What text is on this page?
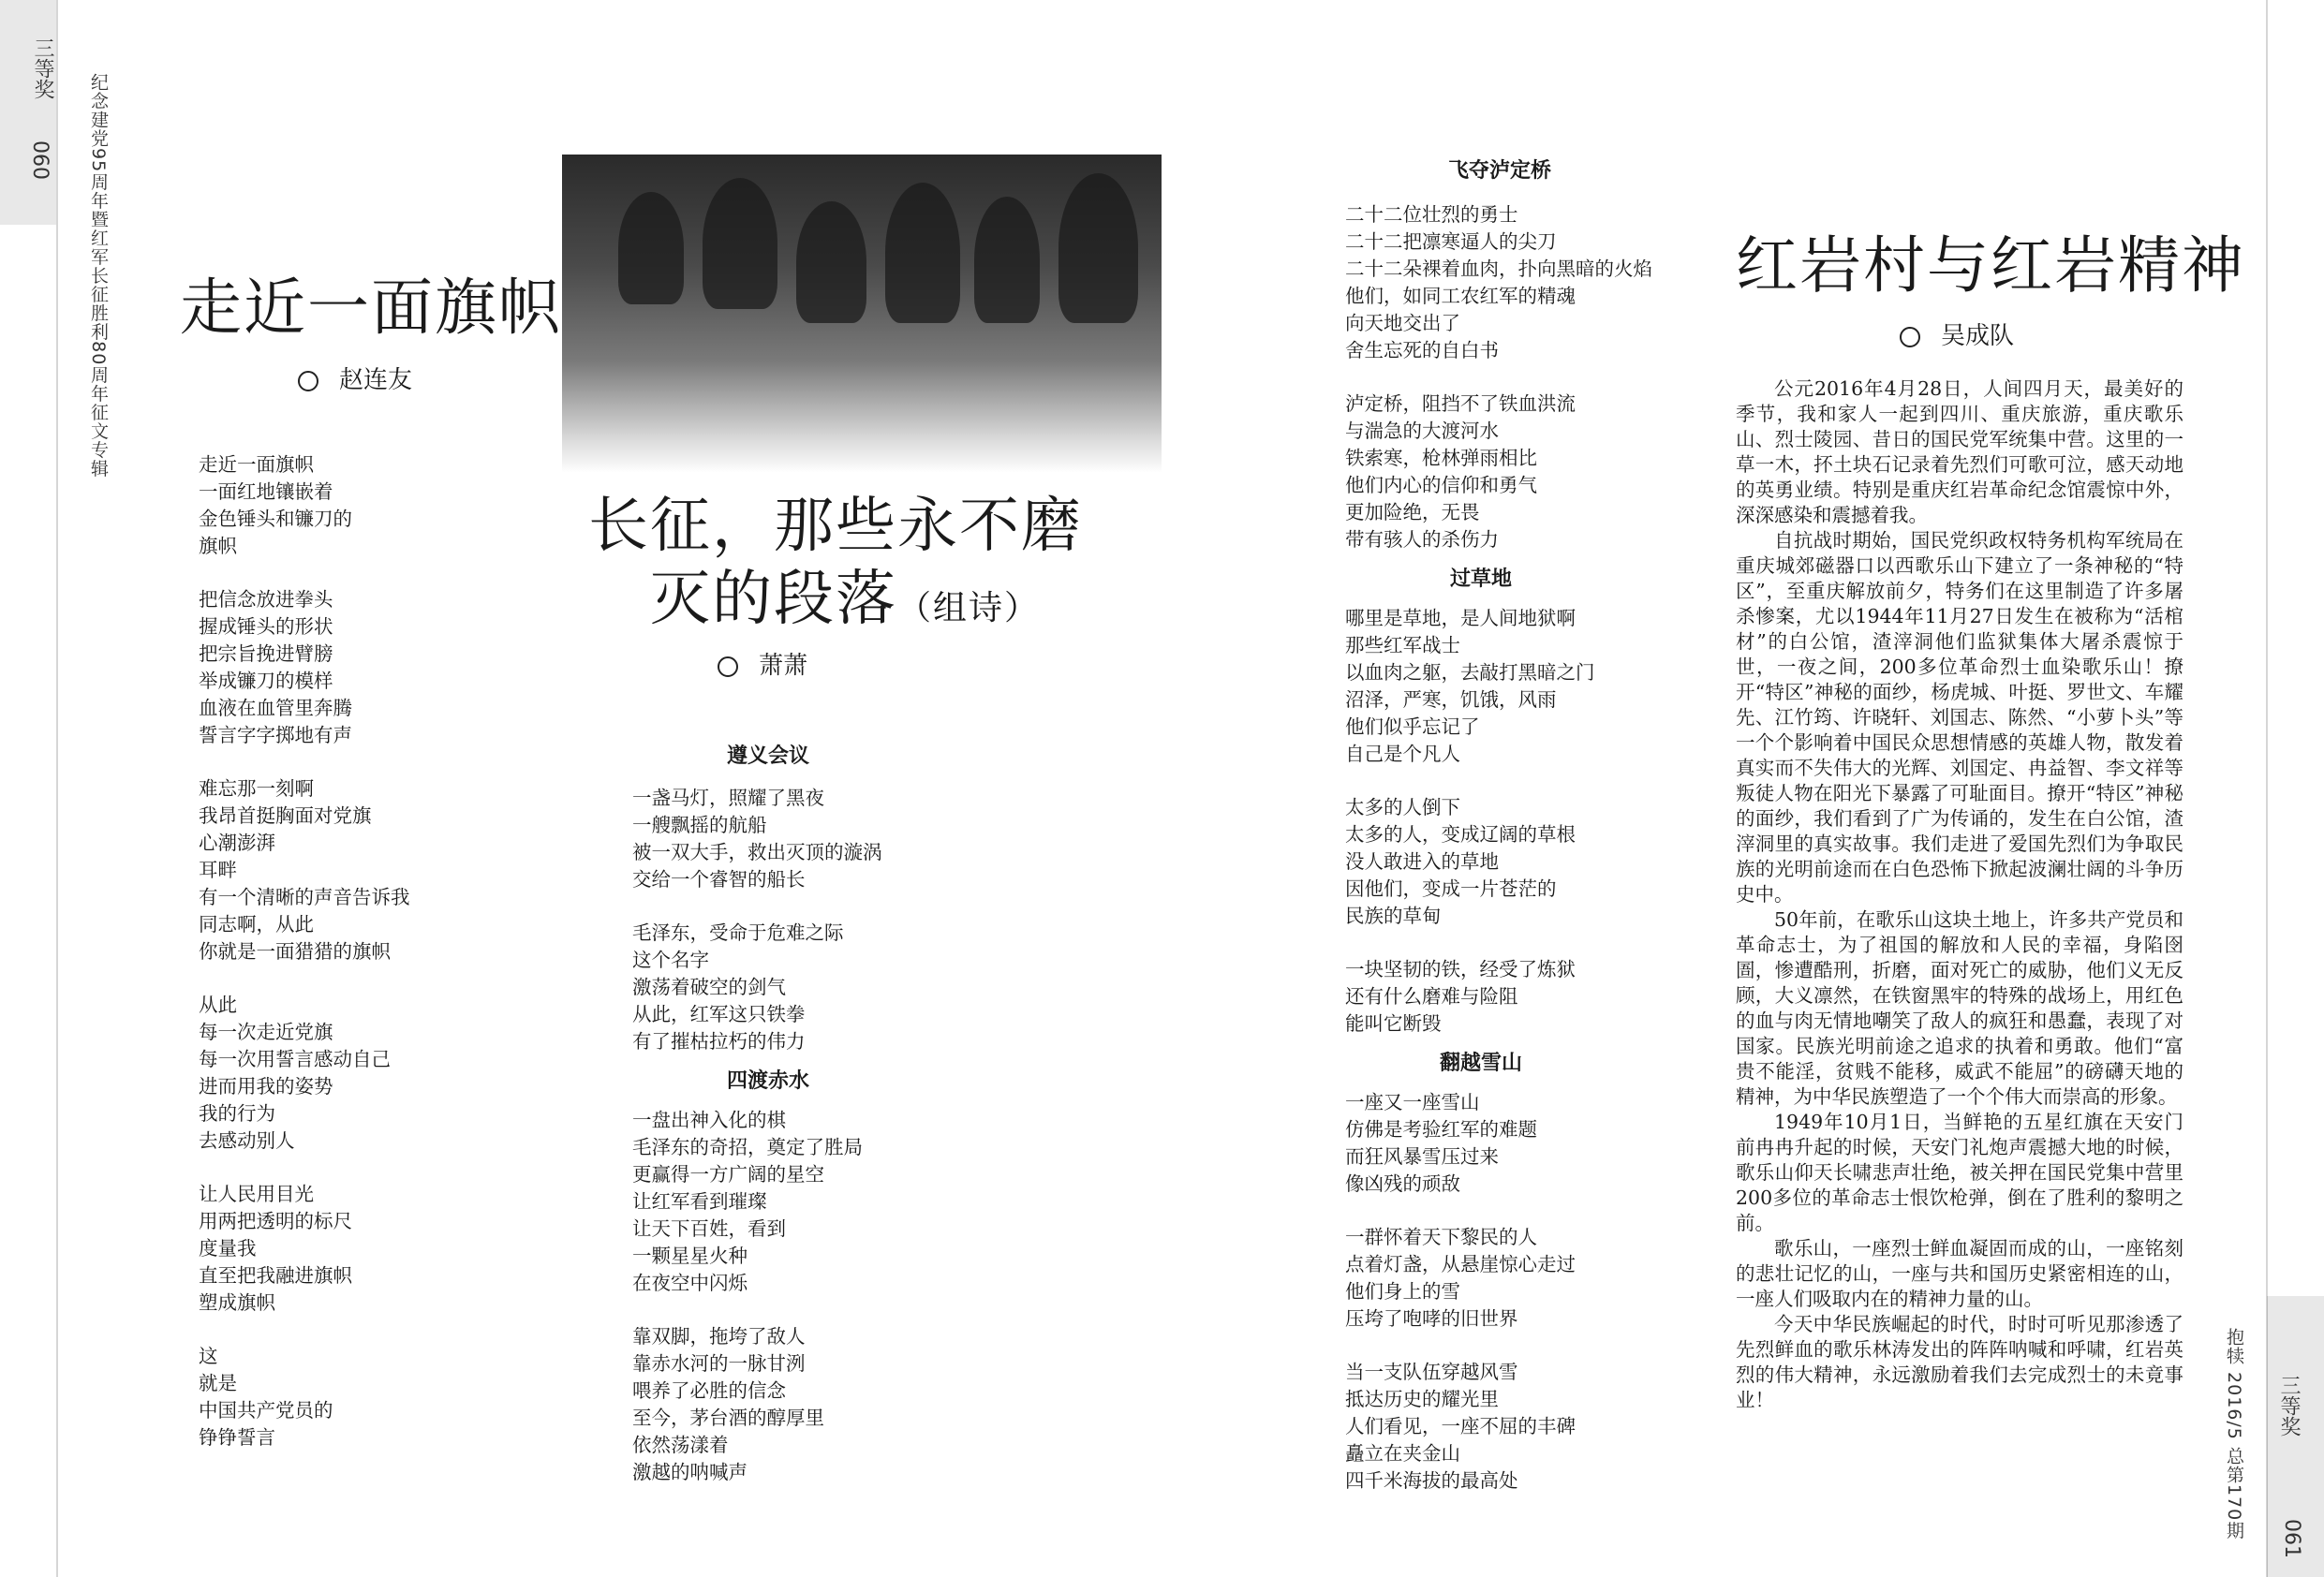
三等奖
060 纪念建党95周年暨红军长征胜利80周年征文专辑
三等奖
061
抱犊 2016/5 总第170期
走近一面旗帜
赵连友
走近一面旗帜
一面红地镶嵌着
金色锤头和镰刀的
旗帜
把信念放进拳头
握成锤头的形状
把宗旨挽进臂膀
举成镰刀的模样
血液在血管里奔腾
誓言字字掷地有声
难忘那一刻啊
我昂首挺胸面对党旗
心潮澎湃
耳畔
有一个清晰的声音告诉我
同志啊，从此
你就是一面猎猎的旗帜
从此
每一次走近党旗
每一次用誓言感动自己
进而用我的姿势
我的行为
去感动别人
让人民用目光
用两把透明的标尺
度量我
直至把我融进旗帜
塑成旗帜
这
就是
中国共产党员的
铮铮誓言
长征，那些永不磨
灭的段落（组诗）
萧萧
遵义会议
一盏马灯，照耀了黑夜
一艘飘摇的航船
被一双大手，救出灭顶的漩涡
交给一个睿智的船长
毛泽东，受命于危难之际
这个名字
激荡着破空的剑气
从此，红军这只铁拳
有了摧枯拉朽的伟力
四渡赤水
一盘出神入化的棋
毛泽东的奇招，奠定了胜局
更赢得一方广阔的星空
让红军看到璀璨
让天下百姓，看到
一颗星星火种
在夜空中闪烁
靠双脚，拖垮了敌人
靠赤水河的一脉甘洌
喂养了必胜的信念
至今，茅台酒的醇厚里
依然荡漾着
激越的呐喊声
飞夺泸定桥
二十二位壮烈的勇士
二十二把凛寒逼人的尖刀
二十二朵裸着血肉，扑向黑暗的火焰
他们，如同工农红军的精魂
向天地交出了
舍生忘死的自白书
泸定桥，阻挡不了铁血洪流
与湍急的大渡河水
铁索寒，枪林弹雨相比
他们内心的信仰和勇气
更加险绝，无畏
带有骇人的杀伤力
过草地
哪里是草地，是人间地狱啊
那些红军战士
以血肉之躯，去敲打黑暗之门
沼泽，严寒，饥饿，风雨
他们似乎忘记了
自己是个凡人
太多的人倒下
太多的人，变成辽阔的草根
没人敢进入的草地
因他们，变成一片苍茫的
民族的草甸
一块坚韧的铁，经受了炼狱
还有什么磨难与险阻
能叫它断毁
翻越雪山
一座又一座雪山
仿佛是考验红军的难题
而狂风暴雪压过来
像凶残的顽敌
一群怀着天下黎民的人
点着灯盏，从悬崖惊心走过
他们身上的雪
压垮了咆哮的旧世界
当一支队伍穿越风雪
抵达历史的耀光里
人们看见，一座不屈的丰碑
矗立在夹金山
四千米海拔的最高处
红岩村与红岩精神
吴成队

公元2016年4月28日，人间四月天，最美好的季节，我和家人一起到四川、重庆旅游，重庆歌乐山、烈士陵园、昔日的国民党军统集中营。这里的一草一木，抔土块石记录着先烈们可歌可泣，感天动地的英勇业绩。特别是重庆红岩革命纪念馆震惊中外，深深感染和震撼着我。

自抗战时期始，国民党织政权特务机构军统局在重庆城郊磁器口以西歌乐山下建立了一条神秘的“特区”，至重庆解放前夕，特务们在这里制造了许多屠杀惨案，尤以1944年11月27日发生在被称为“活棺材”的白公馆，渣滓洞他们监狱集体大屠杀震惊于世，一夜之间，200多位革命烈士血染歌乐山！撩开“特区”神秘的面纱，杨虎城、叶挺、罗世文、车耀先、江竹筠、许晓轩、刘国志、陈然、“小萝卜头”等一个个影响着中国民众思想情感的英雄人物，散发着真实而不失伟大的光辉、刘国定、冉益智、李文祥等叛徒人物在阳光下暴露了可耻面目。撩开“特区”神秘的面纱，我们看到了广为传诵的，发生在白公馆，渣滓洞里的真实故事。我们走进了爱国先烈们为争取民族的光明前途而在白色恐怖下掀起波澜壮阔的斗争历史中。

50年前，在歌乐山这块土地上，许多共产党员和革命志士，为了祖国的解放和人民的幸福，身陷囹圄，惨遭酷刑，折磨，面对死亡的威胁，他们义无反顾，大义凛然，在铁窗黑牢的特殊的战场上，用红色的血与肉无情地嘲笑了敌人的疯狂和愚蠢，表现了对国家。民族光明前途之追求的执着和勇敢。他们“富贵不能淫，贫贱不能移，威武不能屈”的磅礴天地的精神，为中华民族塑造了一个个伟大而崇高的形象。

1949年10月1日，当鲜艳的五星红旗在天安门前冉冉升起的时候，天安门礼炮声震撼大地的时候，歌乐山仰天长啸悲声壮绝，被关押在国民党集中营里200多位的革命志士恨饮枪弹，倒在了胜利的黎明之前。

歌乐山，一座烈士鲜血凝固而成的山，一座铭刻的悲壮记忆的山，一座与共和国历史紧密相连的山，一座人们吸取内在的精神力量的山。

今天中华民族崛起的时代，时时可听见那渗透了先烈鲜血的歌乐林涛发出的阵阵呐喊和呼啸，红岩英烈的伟大精神，永远激励着我们去完成烈士的未竟事业！
